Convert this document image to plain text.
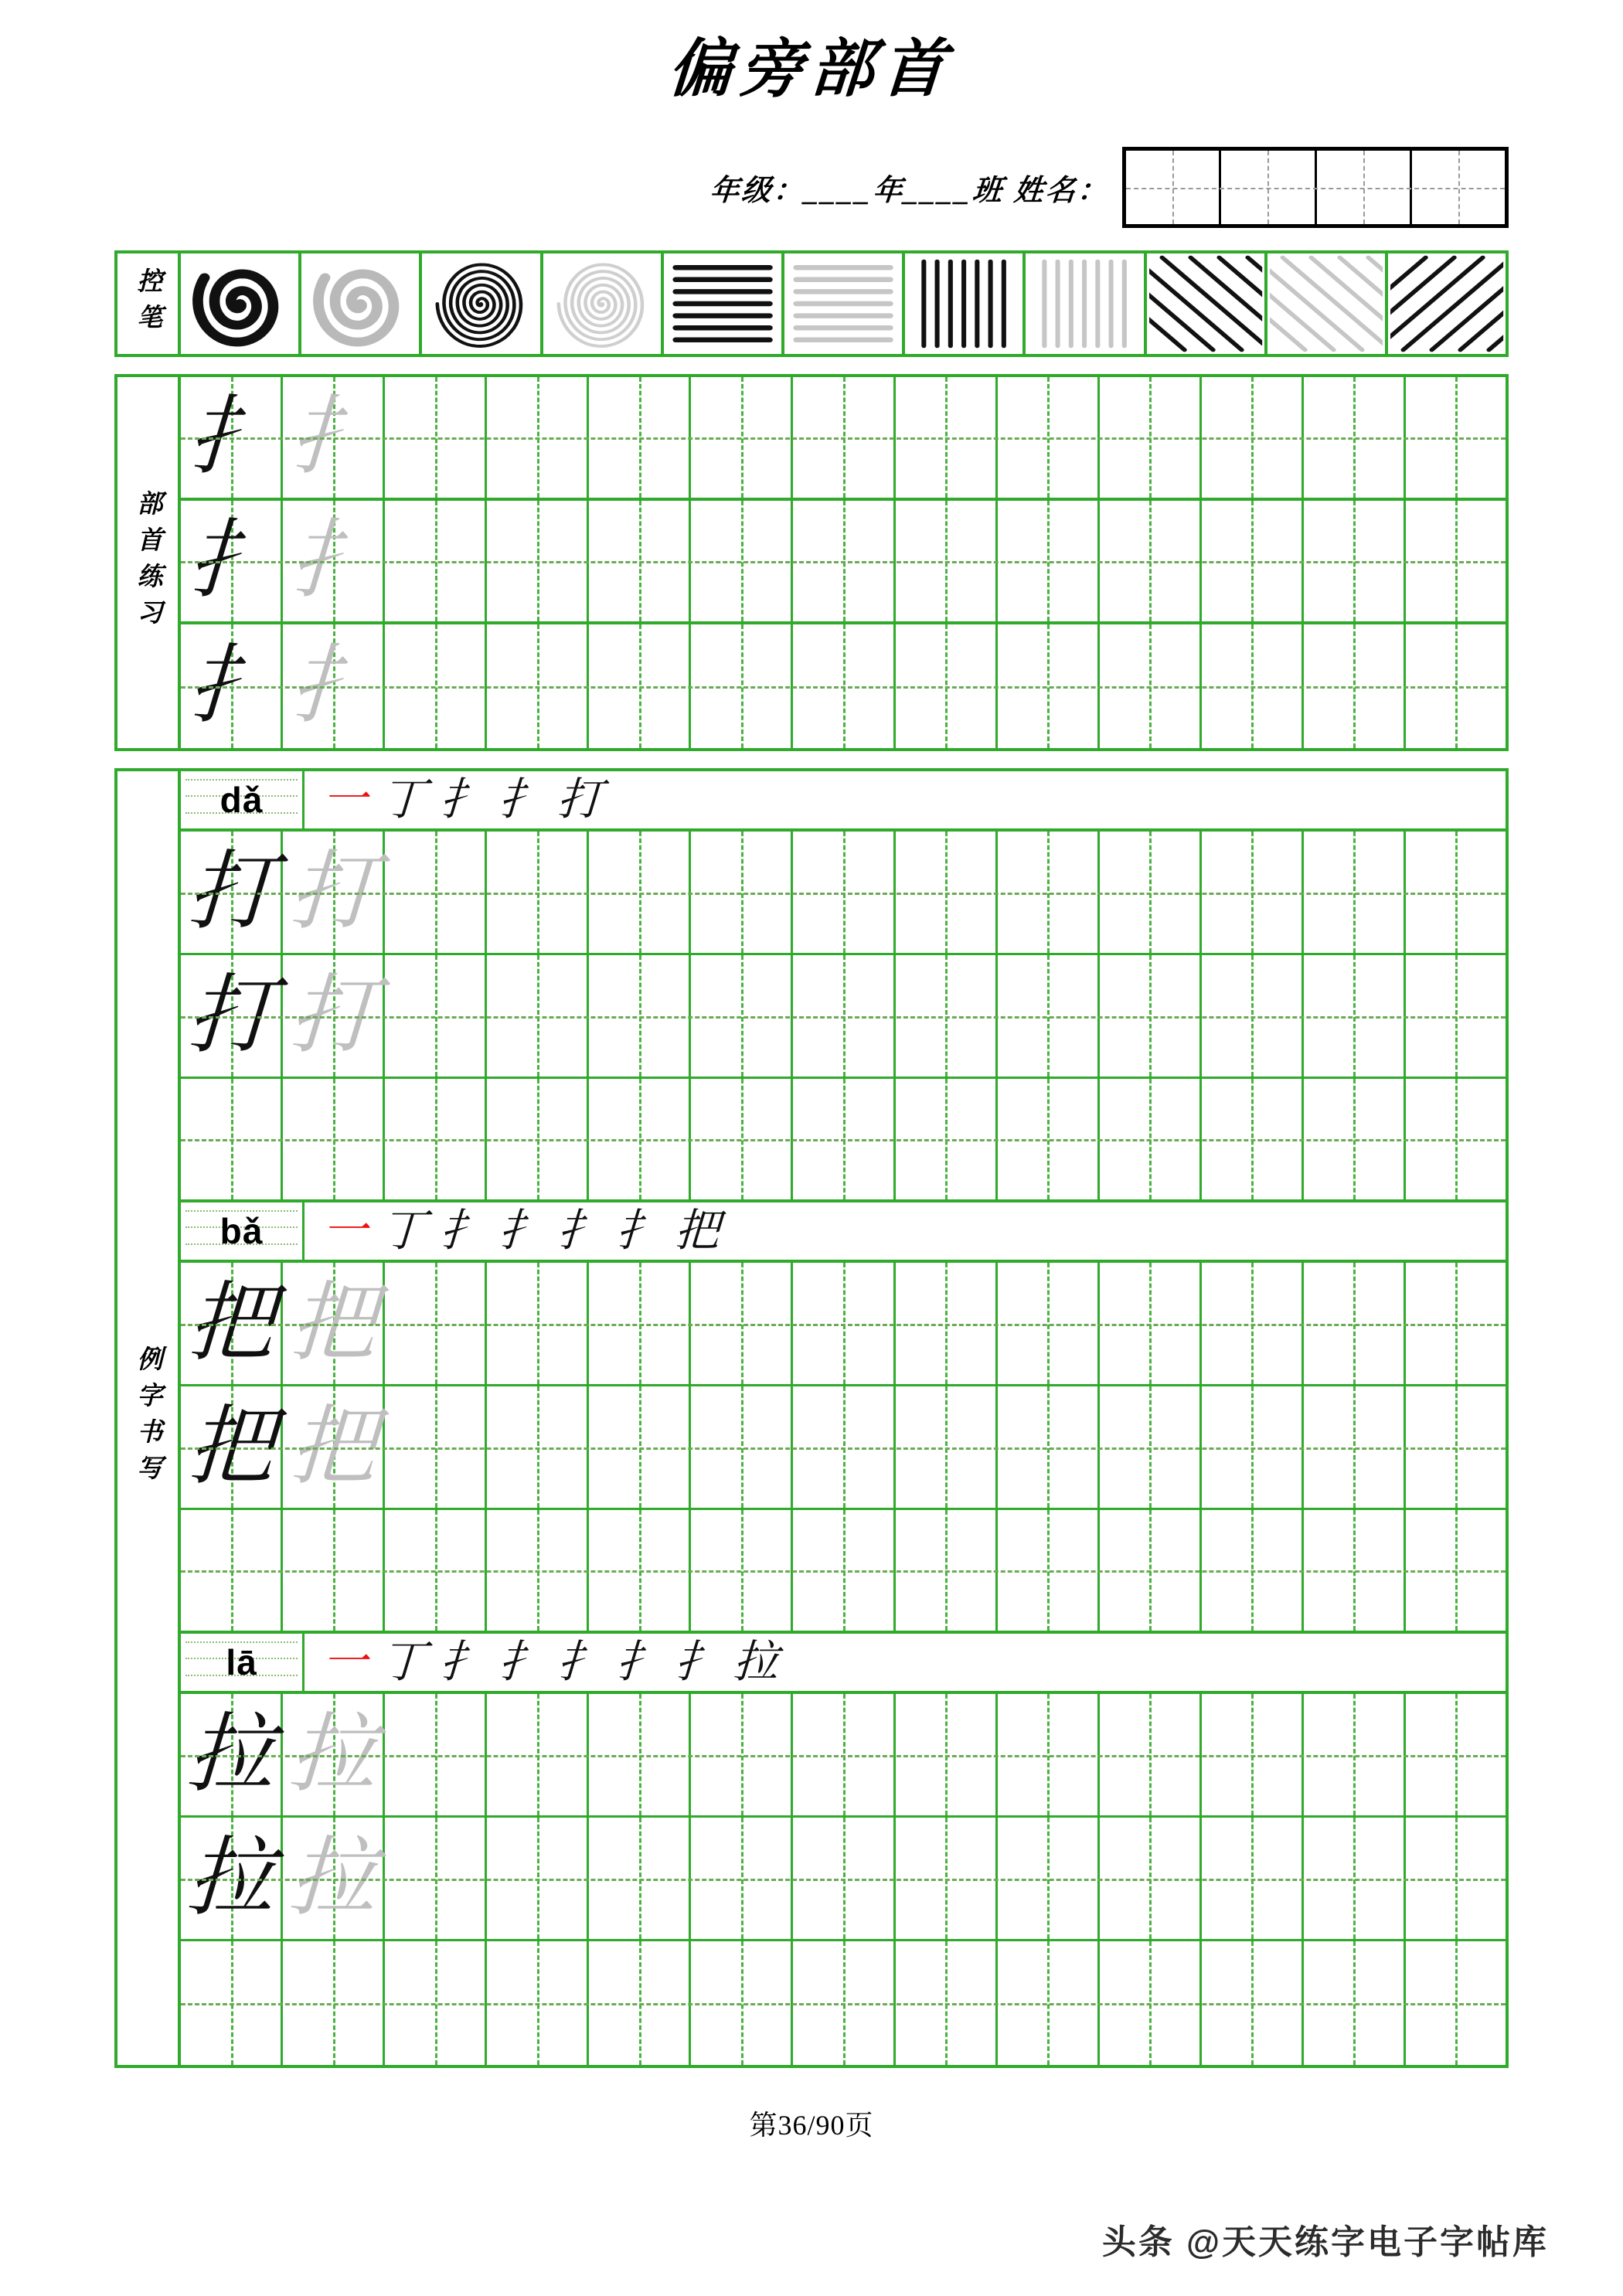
偏旁部首
年级：____年____班 姓名：
控笔
部首练习
扌 扌
扌 扌
扌 扌
例字书写
dǎ 一 丁 扌 扌 打
打 打
打 打
bǎ 一 丁 扌 扌 扌 扌 把
把 把
把 把
lā 一 丁 扌 扌 扌 扌 扌 拉
拉 拉
拉 拉
第36/90页
头条 @天天练字电子字帖库
